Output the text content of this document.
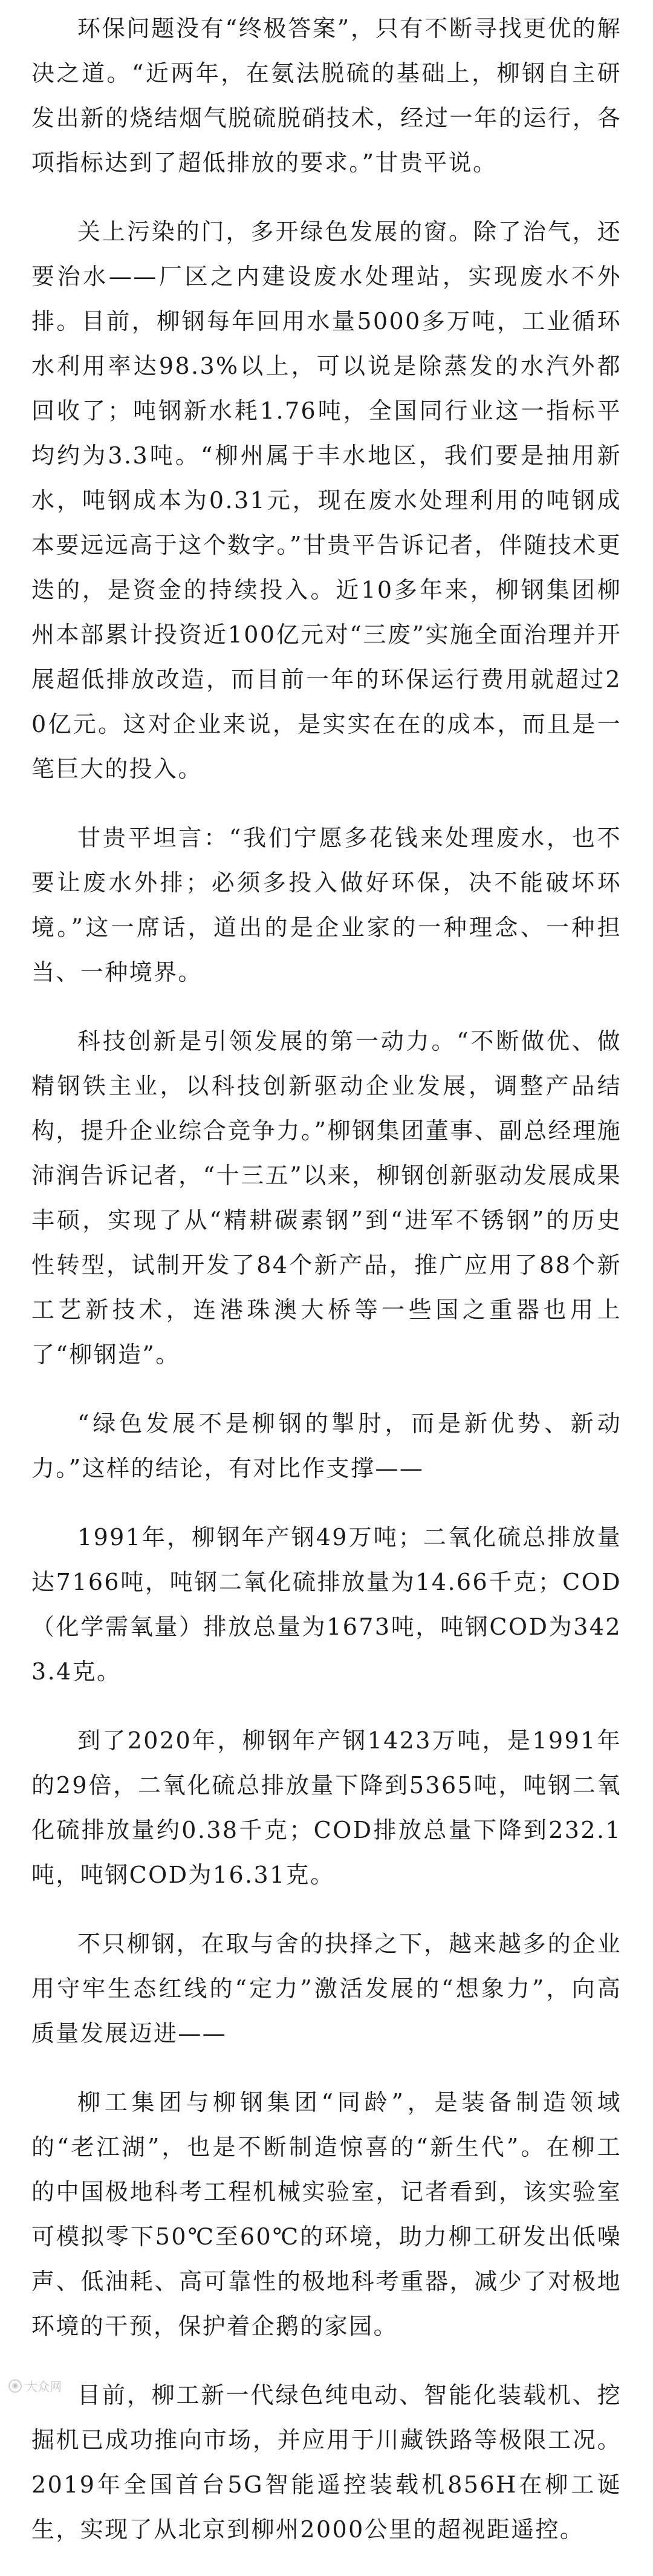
环保问题没有“终极答案”，只有不断寻找更优的解决之道。“近两年，在氨法脱硫的基础上，柳钢自主研发出新的烧结烟气脱硫脱硝技术，经过一年的运行，各项指标达到了超低排放的要求。”甘贵平说。

关上污染的门，多开绿色发展的窗。除了治气，还要治水——厂区之内建设废水处理站，实现废水不外排。目前，柳钢每年回用水量5000多万吨，工业循环水利用率达98.3%以上，可以说是除蒸发的水汽外都回收了；吨钢新水耗1.76吨，全国同行业这一指标平均约为3.3吨。“柳州属于丰水地区，我们要是抽用新水，吨钢成本为0.31元，现在废水处理利用的吨钢成本要远远高于这个数字。”甘贵平告诉记者，伴随技术更迭的，是资金的持续投入。近10多年来，柳钢集团柳州本部累计投资近100亿元对“三废”实施全面治理并开展超低排放改造，而目前一年的环保运行费用就超过20亿元。这对企业来说，是实实在在的成本，而且是一笔巨大的投入。

甘贵平坦言：“我们宁愿多花钱来处理废水，也不要让废水外排；必须多投入做好环保，决不能破坏环境。”这一席话，道出的是企业家的一种理念、一种担当、一种境界。

科技创新是引领发展的第一动力。“不断做优、做精钢铁主业，以科技创新驱动企业发展，调整产品结构，提升企业综合竞争力。”柳钢集团董事、副总经理施沛润告诉记者，“十三五”以来，柳钢创新驱动发展成果丰硕，实现了从“精耕碳素钢”到“进军不锈钢”的历史性转型，试制开发了84个新产品，推广应用了88个新工艺新技术，连港珠澳大桥等一些国之重器也用上了“柳钢造”。

“绿色发展不是柳钢的掣肘，而是新优势、新动力。”这样的结论，有对比作支撑——

1991年，柳钢年产钢49万吨；二氧化硫总排放量达7166吨，吨钢二氧化硫排放量为14.66千克；COD（化学需氧量）排放总量为1673吨，吨钢COD为3423.4克。

到了2020年，柳钢年产钢1423万吨，是1991年的29倍，二氧化硫总排放量下降到5365吨，吨钢二氧化硫排放量约0.38千克；COD排放总量下降到232.1吨，吨钢COD为16.31克。

不只柳钢，在取与舍的抉择之下，越来越多的企业用守牢生态红线的“定力”激活发展的“想象力”，向高质量发展迈进——

柳工集团与柳钢集团“同龄”，是装备制造领域的“老江湖”，也是不断制造惊喜的“新生代”。在柳工的中国极地科考工程机械实验室，记者看到，该实验室可模拟零下50℃至60℃的环境，助力柳工研发出低噪声、低油耗、高可靠性的极地科考重器，减少了对极地环境的干预，保护着企鹅的家园。

目前，柳工新一代绿色纯电动、智能化装载机、挖掘机已成功推向市场，并应用于川藏铁路等极限工况。2019年全国首台5G智能遥控装载机856H在柳工诞生，实现了从北京到柳州2000公里的超视距遥控。

◉ 大众网
